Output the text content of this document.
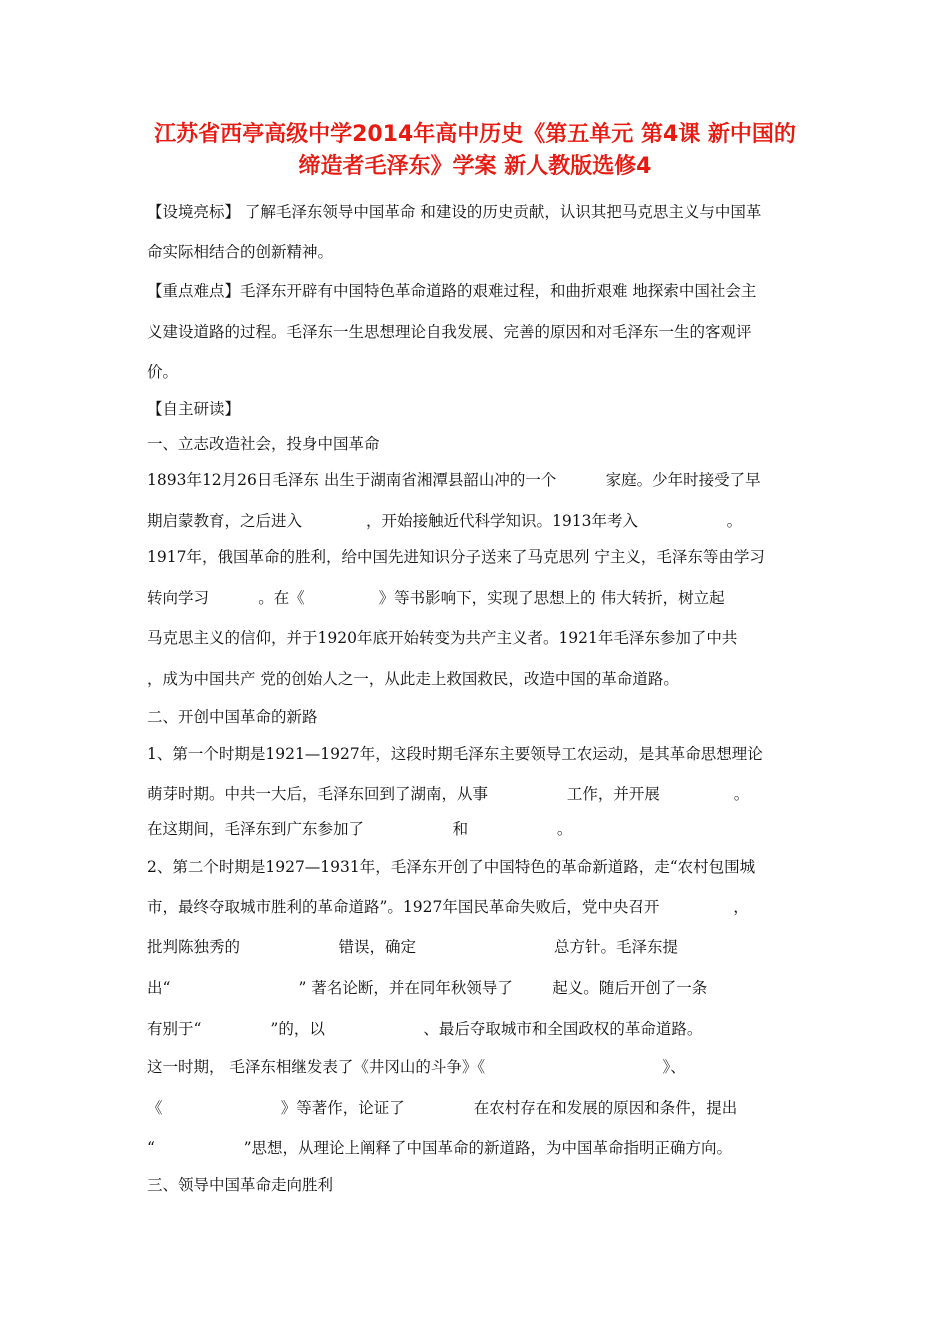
江苏省西亭高级中学2014年高中历史《第五单元 第4课 新中国的
缔造者毛泽东》学案 新人教版选修4
【设境亮标】 了解毛泽东领导中国革命 和建设的历史贡献，认识其把马克思主义与中国革
命实际相结合的创新精神。
【重点难点】毛泽东开辟有中国特色革命道路的艰难过程，和曲折艰难 地探索中国社会主
义建设道路的过程。毛泽东一生思想理论自我发展、完善的原因和对毛泽东一生的客观评
价。
【自主研读】
一、立志改造社会，投身中国革命
1893年12月26日毛泽东 出生于湖南省湘潭县韶山冲的一个          家庭。少年时接受了早
期启蒙教育，之后进入             ，开始接触近代科学知识。1913年考入                  。
1917年，俄国革命的胜利，给中国先进知识分子送来了马克思列 宁主义，毛泽东等由学习
转向学习          。在《               》等书影响下，实现了思想上的 伟大转折，树立起
马克思主义的信仰，并于1920年底开始转变为共产主义者。1921年毛泽东参加了中共
，成为中国共产 党的创始人之一，从此走上救国救民，改造中国的革命道路。
二、开创中国革命的新路
1、第一个时期是1921—1927年，这段时期毛泽东主要领导工农运动，是其革命思想理论
萌芽时期。中共一大后，毛泽东回到了湖南，从事                工作，并开展               。
在这期间，毛泽东到广东参加了                  和                  。
2、第二个时期是1927—1931年，毛泽东开创了中国特色的革命新道路，走“农村包围城
市，最终夺取城市胜利的革命道路”。1927年国民革命失败后，党中央召开               ，
批判陈独秀的                    错误，确定                            总方针。毛泽东提
出“                          ” 著名论断，并在同年秋领导了        起义。随后开创了一条
有别于“              ”的，以                    、最后夺取城市和全国政权的革命道路。
这一时期， 毛泽东相继发表了《井冈山的斗争》《                                    》、
《                        》等著作，论证了              在农村存在和发展的原因和条件，提出
“                  ”思想，从理论上阐释了中国革命的新道路，为中国革命指明正确方向。
三、领导中国革命走向胜利
